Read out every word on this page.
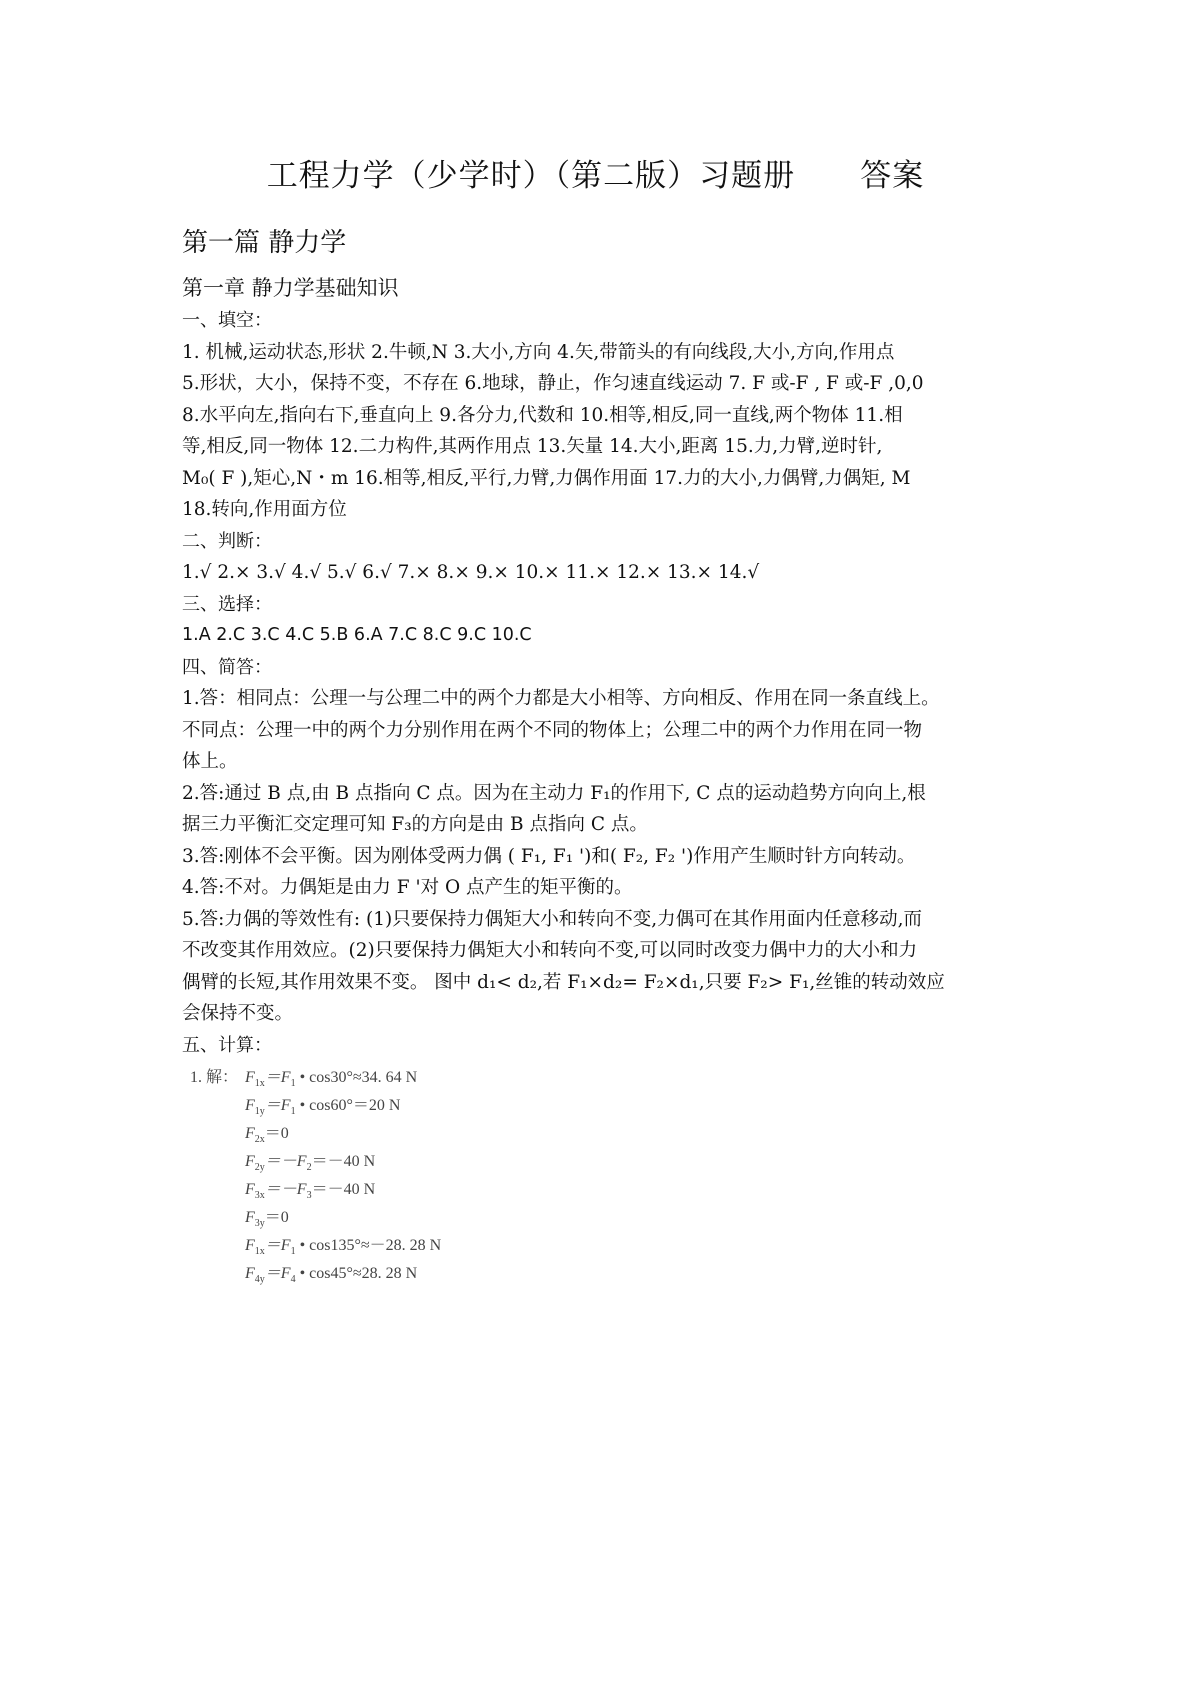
工程力学（少学时）（第二版）习题册      答案
第一篇 静力学
第一章 静力学基础知识
一、填空：
1. 机械,运动状态,形状 2.牛顿,N 3.大小,方向 4.矢,带箭头的有向线段,大小,方向,作用点
5.形状，大小，保持不变，不存在 6.地球，静止，作匀速直线运动 7. F 或-F , F 或-F ,0,0
8.水平向左,指向右下,垂直向上 9.各分力,代数和 10.相等,相反,同一直线,两个物体 11.相
等,相反,同一物体 12.二力构件,其两作用点 13.矢量 14.大小,距离 15.力,力臂,逆时针,
M₀( F ),矩心,N・m 16.相等,相反,平行,力臂,力偶作用面 17.力的大小,力偶臂,力偶矩, M
18.转向,作用面方位
二、判断：
1.√ 2.× 3.√ 4.√ 5.√ 6.√ 7.× 8.× 9.× 10.× 11.× 12.× 13.× 14.√
三、选择：
1.A 2.C 3.C 4.C 5.B 6.A 7.C 8.C 9.C 10.C
四、简答：
1.答：相同点：公理一与公理二中的两个力都是大小相等、方向相反、作用在同一条直线上。
不同点：公理一中的两个力分别作用在两个不同的物体上；公理二中的两个力作用在同一物
体上。
2.答:通过 B 点,由 B 点指向 C 点。因为在主动力 F₁的作用下, C 点的运动趋势方向向上,根
据三力平衡汇交定理可知 F₃的方向是由 B 点指向 C 点。
3.答:刚体不会平衡。因为刚体受两力偶 ( F₁, F₁ ')和( F₂, F₂ ')作用产生顺时针方向转动。
4.答:不对。力偶矩是由力 F '对 O 点产生的矩平衡的。
5.答:力偶的等效性有: (1)只要保持力偶矩大小和转向不变,力偶可在其作用面内任意移动,而
不改变其作用效应。(2)只要保持力偶矩大小和转向不变,可以同时改变力偶中力的大小和力
偶臂的长短,其作用效果不变。 图中 d₁< d₂,若 F₁×d₂= F₂×d₁,只要 F₂> F₁,丝锥的转动效应
会保持不变。
五、计算：
1. 解： $F_{1x}=F_1$ • cos30°≈34. 64 N
$F_{1y}=F_1$ • cos60°＝20 N
$F_{2x}=0$
$F_{2y}=-F_2=-40$ N
$F_{3x}=-F_3=-40$ N
$F_{3y}=0$
$F_{1x}=F_1$ • cos135°≈－28. 28 N
$F_{4y}=F_4$ • cos45°≈28. 28 N
